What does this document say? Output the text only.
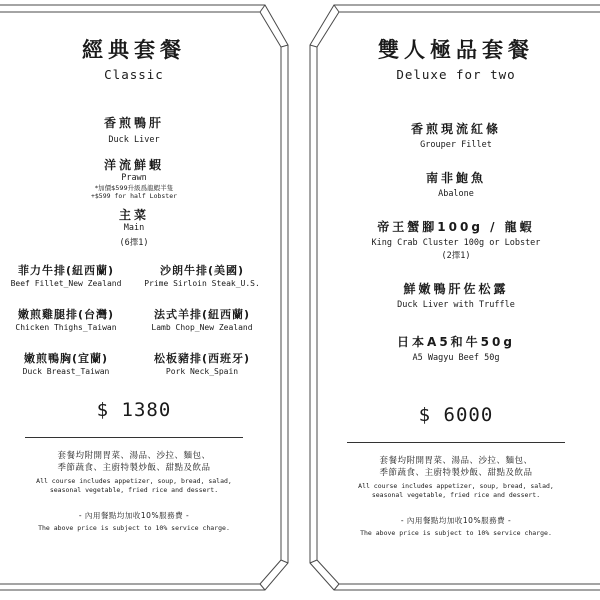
經典套餐
Classic
香煎鴨肝
Duck Liver
洋流鮮蝦
Prawn
*加價$599升級爲龍蝦半隻
+$599 for half Lobster
主菜
Main
(6擇1)
菲力牛排(紐西蘭)
Beef Fillet_New Zealand
沙朗牛排(美國)
Prime Sirloin Steak_U.S.
嫩煎雞腿排(台灣)
Chicken Thighs_Taiwan
法式羊排(紐西蘭)
Lamb Chop_New Zealand
嫩煎鴨胸(宜蘭)
Duck Breast_Taiwan
松板豬排(西班牙)
Pork Neck_Spain
$ 1380
套餐均附開胃菜、湯品、沙拉、麵包、
季節蔬食、主廚特製炒飯、甜點及飲品
All course includes appetizer, soup, bread, salad,
seasonal vegetable, fried rice and dessert.
- 內用餐點均加收10%服務費 -
The above price is subject to 10% service charge.
雙人極品套餐
Deluxe for two
香煎現流紅條
Grouper Fillet
南非鮑魚
Abalone
帝王蟹腳100g / 龍蝦
King Crab Cluster 100g or Lobster
(2擇1)
鮮嫩鴨肝佐松露
Duck Liver with Truffle
日本A5和牛50g
A5 Wagyu Beef 50g
$ 6000
套餐均附開胃菜、湯品、沙拉、麵包、
季節蔬食、主廚特製炒飯、甜點及飲品
All course includes appetizer, soup, bread, salad,
seasonal vegetable, fried rice and dessert.
- 內用餐點均加收10%服務費 -
The above price is subject to 10% service charge.
